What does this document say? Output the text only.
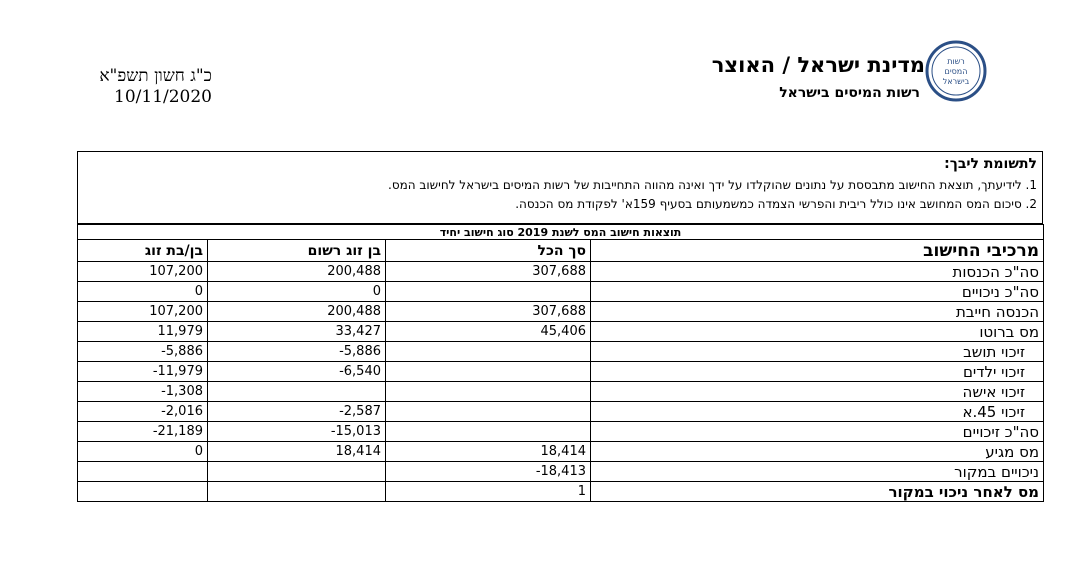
רשות
המסים
בישראל
מדינת ישראל / האוצר
רשות המיסים בישראל
כ"ג חשון תשפ"א
10/11/2020
לתשומת ליבך:
1. לידיעתך, תוצאת החישוב מתבססת על נתונים שהוקלדו על ידך ואינה מהווה התחייבות של רשות המיסים בישראל לחישוב המס.
2. סיכום המס המחושב אינו כולל ריבית והפרשי הצמדה כמשמעותם בסעיף 159א' לפקודת מס הכנסה.
תוצאות חישוב המס לשנת 2019 סוג חישוב יחיד			
בן/בת זוג	בן זוג רשום	סך הכל	מרכיבי החישוב
107,200	200,488	307,688	סה"כ הכנסות
0	0		סה"כ ניכויים
107,200	200,488	307,688	הכנסה חייבת
11,979	33,427	45,406	מס ברוטו
-5,886	-5,886		זיכוי תושב
-11,979	-6,540		זיכוי ילדים
-1,308			זיכוי אישה
-2,016	-2,587		זיכוי 45.א
-21,189	-15,013		סה"כ זיכויים
0	18,414	18,414	מס מגיע
		-18,413	ניכויים במקור
		1	מס לאחר ניכוי במקור
